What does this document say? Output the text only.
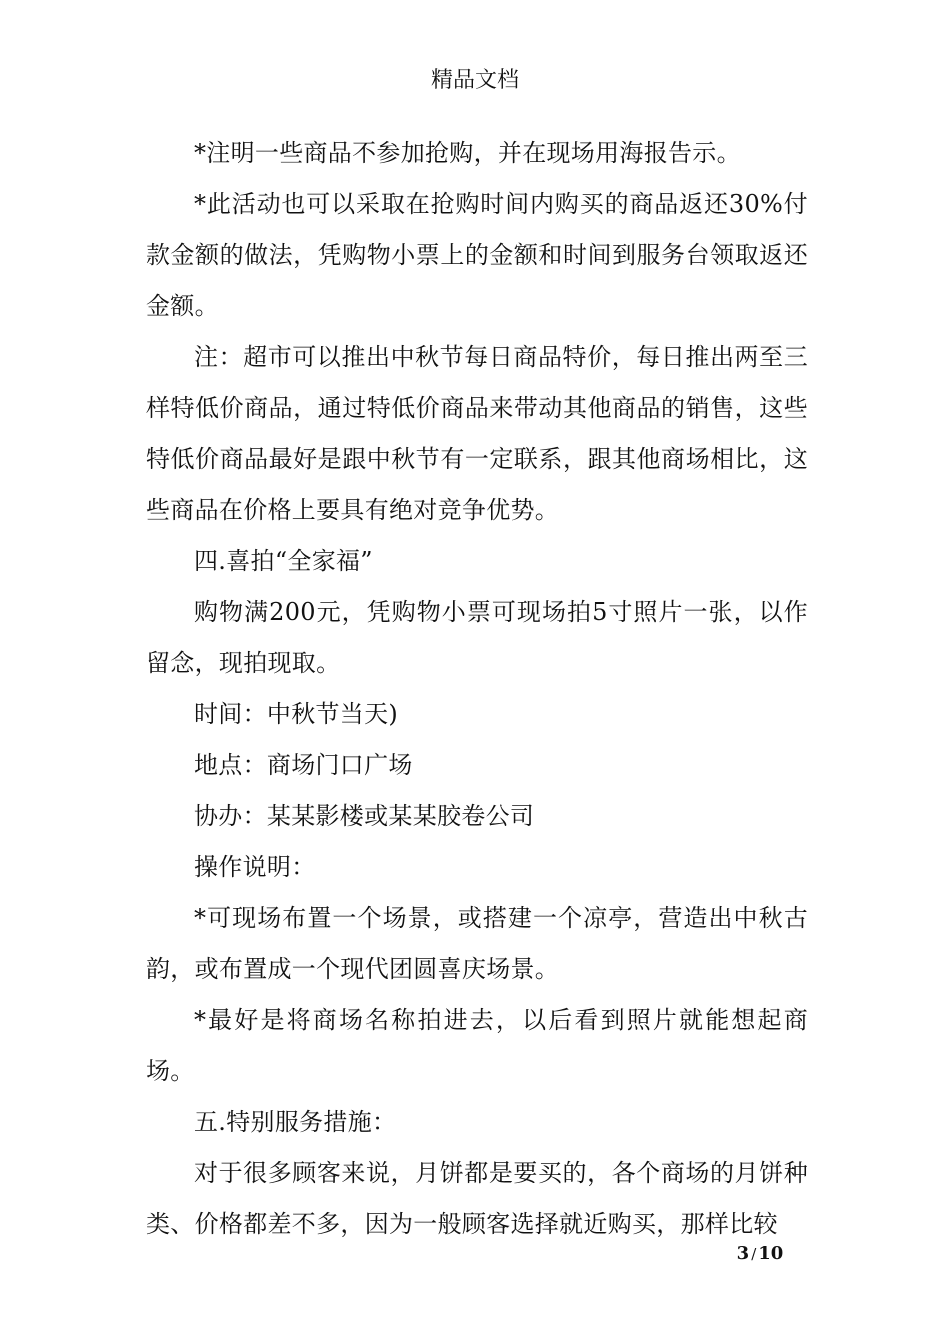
精品文档

*注明一些商品不参加抢购，并在现场用海报告示。

*此活动也可以采取在抢购时间内购买的商品返还30%付款金额的做法，凭购物小票上的金额和时间到服务台领取返还金额。

注：超市可以推出中秋节每日商品特价，每日推出两至三样特低价商品，通过特低价商品来带动其他商品的销售，这些特低价商品最好是跟中秋节有一定联系，跟其他商场相比，这些商品在价格上要具有绝对竞争优势。

四.喜拍“全家福”

购物满200元，凭购物小票可现场拍5寸照片一张，以作留念，现拍现取。

时间：中秋节当天)

地点：商场门口广场

协办：某某影楼或某某胶卷公司

操作说明：

*可现场布置一个场景，或搭建一个凉亭，营造出中秋古韵，或布置成一个现代团圆喜庆场景。

*最好是将商场名称拍进去，以后看到照片就能想起商场。

五.特别服务措施：

对于很多顾客来说，月饼都是要买的，各个商场的月饼种类、价格都差不多，因为一般顾客选择就近购买，那样比较

3 / 10
